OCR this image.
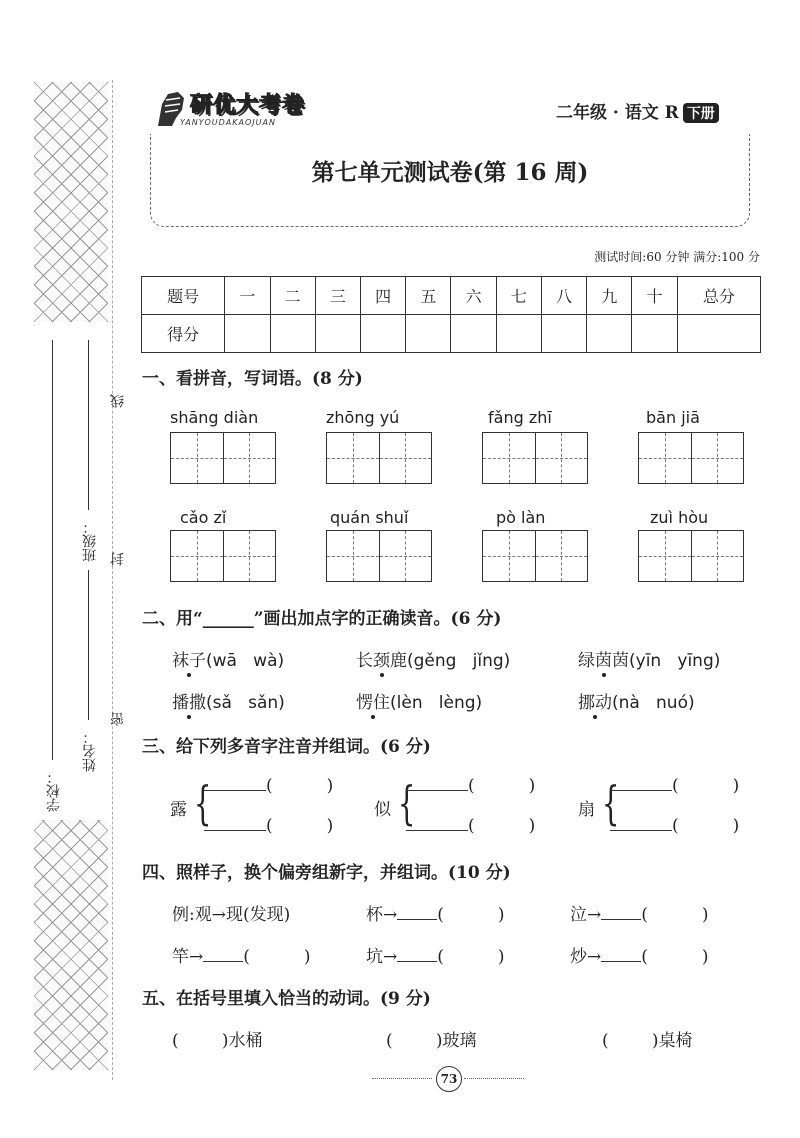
学校：
班级：
姓名：
线
封
密
研优大考卷
YANYOUDAKAOJUAN	二年级 · 语文 R 下册
第七单元测试卷(第 16 周)
测试时间:60 分钟 满分:100 分
题号	一	二	三	四	五	六	七	八	九	十	总分
得分											
一、看拼音，写词语。(8 分)
shāng diàn	zhōng yú	fǎng zhī	bān jiā
cǎo zǐ	quán shuǐ	pò làn	zuì hòu
二、用“______”画出加点字的正确读音。(6 分)
袜子(wā   wà)	长颈鹿(gěng   jǐng)	绿茵茵(yīn   yīng)
播撒(sǎ   sǎn)	愣住(lèn   lèng)	挪动(nà   nuó)
三、给下列多音字注音并组词。(6 分)
露 {	(          )
(          )
似 {	(          )
(          )
扇 {	(          )
(          )
四、照样子，换个偏旁组新字，并组词。(10 分)
例:观→现(发现)	杯→ (          )	泣→ (          )
竿→ (          )	坑→ (          )	炒→ (          )
五、在括号里填入恰当的动词。(9 分)
(        )水桶	(        )玻璃	(        )桌椅
73
